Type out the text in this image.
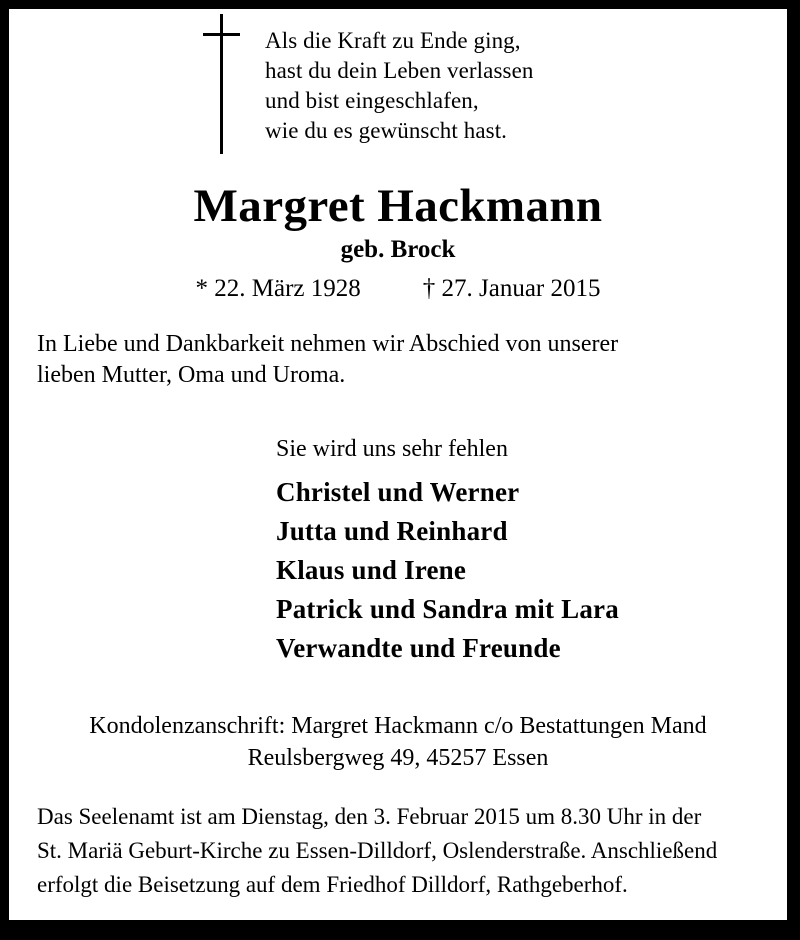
Als die Kraft zu Ende ging,
hast du dein Leben verlassen
und bist eingeschlafen,
wie du es gewünscht hast.
Margret Hackmann
geb. Brock
* 22. März 1928 † 27. Januar 2015
In Liebe und Dankbarkeit nehmen wir Abschied von unserer
lieben Mutter, Oma und Uroma.
Sie wird uns sehr fehlen
Christel und Werner
Jutta und Reinhard
Klaus und Irene
Patrick und Sandra mit Lara
Verwandte und Freunde
Kondolenzanschrift: Margret Hackmann c/o Bestattungen Mand
Reulsbergweg 49, 45257 Essen
Das Seelenamt ist am Dienstag, den 3. Februar 2015 um 8.30 Uhr in der
St. Mariä Geburt-Kirche zu Essen-Dilldorf, Oslenderstraße. Anschließend
erfolgt die Beisetzung auf dem Friedhof Dilldorf, Rathgeberhof.
